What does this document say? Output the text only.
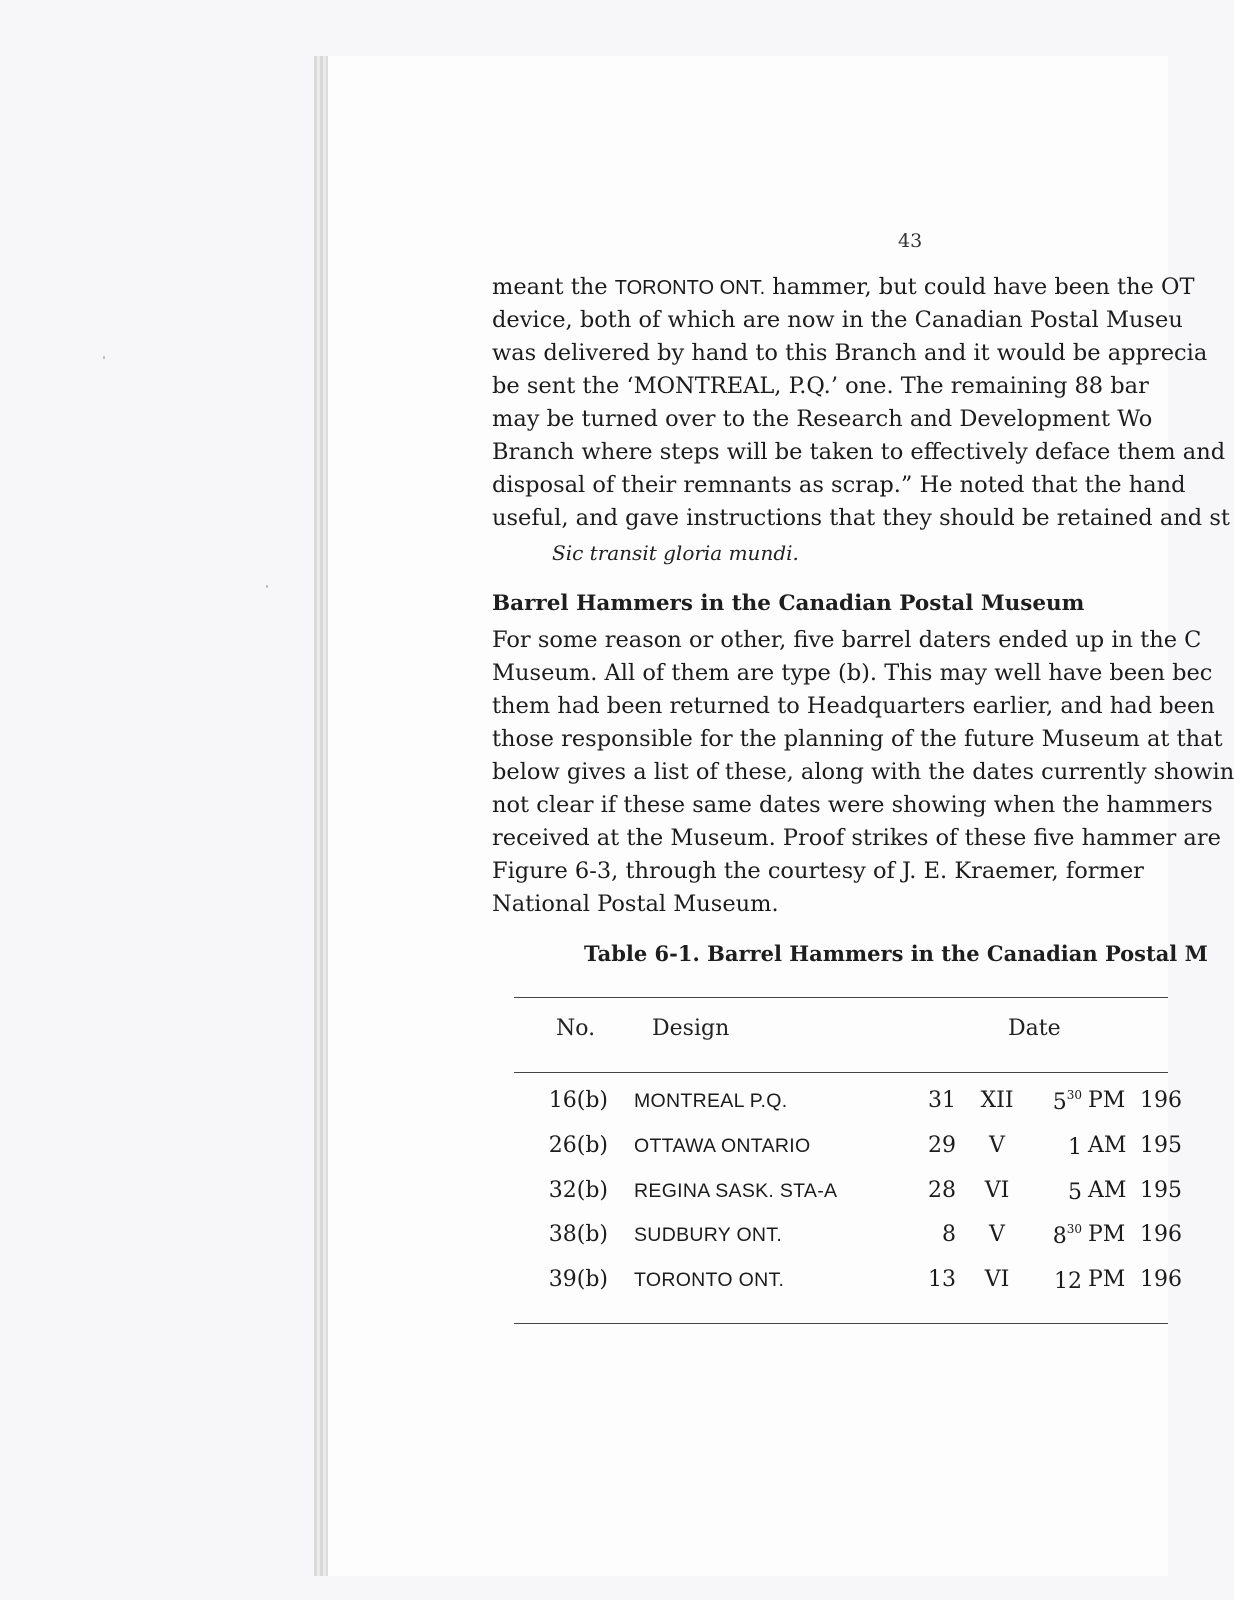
43
meant the TORONTO ONT. hammer, but could have been the OT
device, both of which are now in the Canadian Postal Museu
was delivered by hand to this Branch and it would be apprecia
be sent the ‘MONTREAL, P.Q.’ one. The remaining 88 bar
may be turned over to the Research and Development Wo
Branch where steps will be taken to effectively deface them and
disposal of their remnants as scrap.” He noted that the hand
useful, and gave instructions that they should be retained and st
Sic transit gloria mundi.
Barrel Hammers in the Canadian Postal Museum
For some reason or other, five barrel daters ended up in the C
Museum. All of them are type (b). This may well have been bec
them had been returned to Headquarters earlier, and had been
those responsible for the planning of the future Museum at that
below gives a list of these, along with the dates currently showin
not clear if these same dates were showing when the hammers
received at the Museum. Proof strikes of these five hammer are
Figure 6-3, through the courtesy of J. E. Kraemer, former
National Postal Museum.
Table 6-1. Barrel Hammers in the Canadian Postal M
No.	Design	Date
16(b) MONTREAL P.Q.	31	XII	$5^{30}$ PM 196
26(b) OTTAWA ONTARIO	29	V	1 AM 195
32(b) REGINA SASK. STA-A	28	VI	5 AM 195
38(b) SUDBURY ONT.	8	V	$8^{30}$ PM 196
39(b) TORONTO ONT.	13	VI	12 PM 196
